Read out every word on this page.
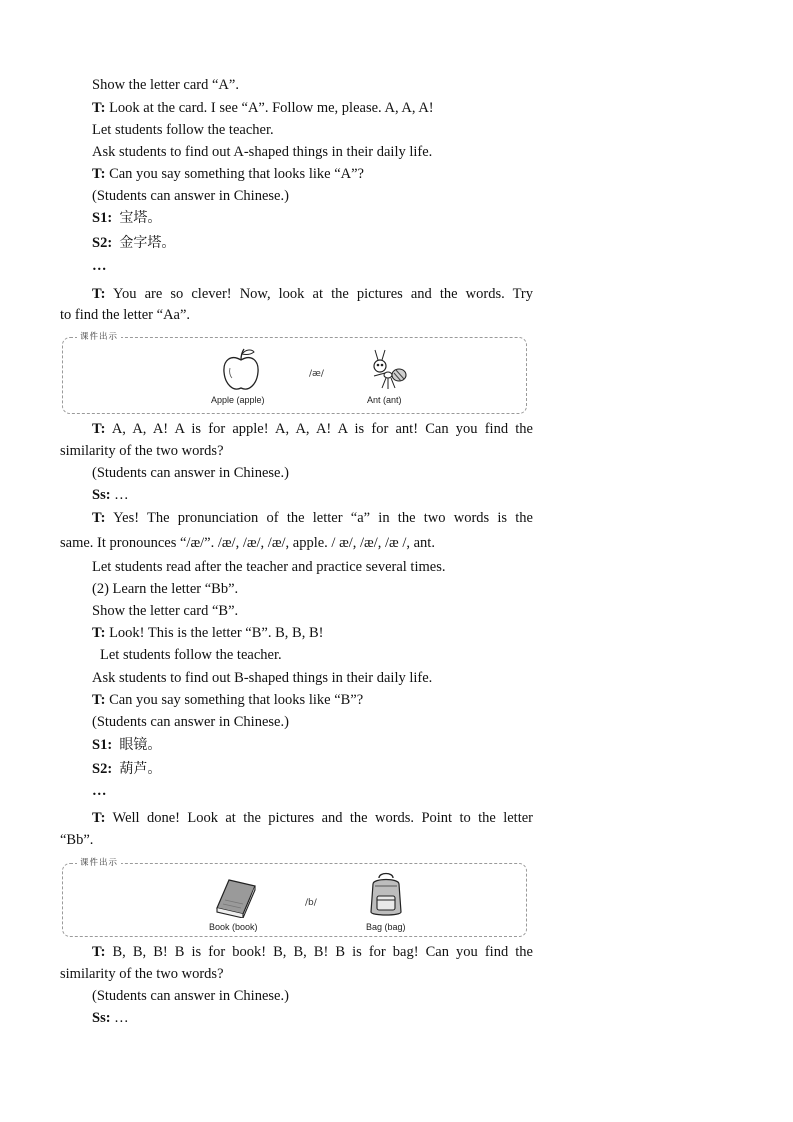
Show the letter card “A”.
T: Look at the card. I see “A”. Follow me, please. A, A, A!
Let students follow the teacher.
Ask students to find out A-shaped things in their daily life.
T: Can you say something that looks like “A”?
(Students can answer in Chinese.)
S1: 宝塔。
S2: 金字塔。
…
T: You are so clever! Now, look at the pictures and the words. Try
to find the letter “Aa”.
课件出示
/æ/
Apple (apple)	Ant (ant)
T: A, A, A! A is for apple! A, A, A! A is for ant! Can you find the
similarity of the two words?
(Students can answer in Chinese.)
Ss: …
T: Yes! The pronunciation of the letter “a” in the two words is the
same. It pronounces “/æ/”. /æ/, /æ/, /æ/, apple. / æ/, /æ/, /æ /, ant.
Let students read after the teacher and practice several times.
(2) Learn the letter “Bb”.
Show the letter card “B”.
T: Look! This is the letter “B”. B, B, B!
Let students follow the teacher.
Ask students to find out B-shaped things in their daily life.
T: Can you say something that looks like “B”?
(Students can answer in Chinese.)
S1: 眼镜。
S2: 葫芦。
…
T: Well done! Look at the pictures and the words. Point to the letter
“Bb”.
课件出示
/b/
Book (book)	Bag (bag)
T: B, B, B! B is for book! B, B, B! B is for bag! Can you find the
similarity of the two words?
(Students can answer in Chinese.)
Ss: …
